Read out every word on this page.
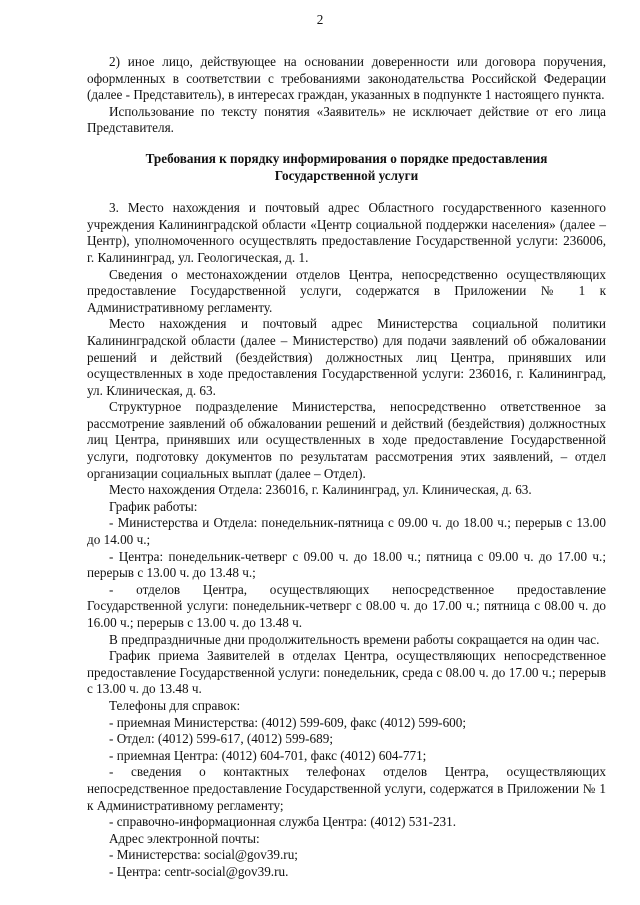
2

2) иное лицо, действующее на основании доверенности или договора поручения, оформленных в соответствии с требованиями законодательства Российской Федерации (далее - Представитель), в интересах граждан, указанных в подпункте 1 настоящего пункта.

Использование по тексту понятия «Заявитель» не исключает действие от его лица Представителя.

Требования к порядку информирования о порядке предоставления Государственной услуги

3. Место нахождения и почтовый адрес Областного государственного казенного учреждения Калининградской области «Центр социальной поддержки населения» (далее – Центр), уполномоченного осуществлять предоставление Государственной услуги: 236006, г. Калининград, ул. Геологическая, д. 1.

Сведения о местонахождении отделов Центра, непосредственно осуществляющих предоставление Государственной услуги, содержатся в Приложении № 1 к Административному регламенту.

Место нахождения и почтовый адрес Министерства социальной политики Калининградской области (далее – Министерство) для подачи заявлений об обжаловании решений и действий (бездействия) должностных лиц Центра, принявших или осуществленных в ходе предоставления Государственной услуги: 236016, г. Калининград, ул. Клиническая, д. 63.

Структурное подразделение Министерства, непосредственно ответственное за рассмотрение заявлений об обжаловании решений и действий (бездействия) должностных лиц Центра, принявших или осуществленных в ходе предоставление Государственной услуги, подготовку документов по результатам рассмотрения этих заявлений, – отдел организации социальных выплат (далее – Отдел).

Место нахождения Отдела: 236016, г. Калининград, ул. Клиническая, д. 63.

График работы:

- Министерства и Отдела: понедельник-пятница с 09.00 ч. до 18.00 ч.; перерыв с 13.00 до 14.00 ч.;

- Центра: понедельник-четверг с 09.00 ч. до 18.00 ч.; пятница с 09.00 ч. до 17.00 ч.; перерыв с 13.00 ч. до 13.48 ч.;

- отделов Центра, осуществляющих непосредственное предоставление Государственной услуги: понедельник-четверг с 08.00 ч. до 17.00 ч.; пятница с 08.00 ч. до 16.00 ч.; перерыв с 13.00 ч. до 13.48 ч.

В предпраздничные дни продолжительность времени работы сокращается на один час.

График приема Заявителей в отделах Центра, осуществляющих непосредственное предоставление Государственной услуги: понедельник, среда с 08.00 ч. до 17.00 ч.; перерыв с 13.00 ч. до 13.48 ч.

Телефоны для справок:

- приемная Министерства: (4012) 599-609, факс (4012) 599-600;

- Отдел: (4012) 599-617, (4012) 599-689;

- приемная Центра: (4012) 604-701, факс (4012) 604-771;

- сведения о контактных телефонах отделов Центра, осуществляющих непосредственное предоставление Государственной услуги, содержатся в Приложении № 1 к Административному регламенту;

- справочно-информационная служба Центра: (4012) 531-231.

Адрес электронной почты:

- Министерства: social@gov39.ru;

- Центра: centr-social@gov39.ru.
